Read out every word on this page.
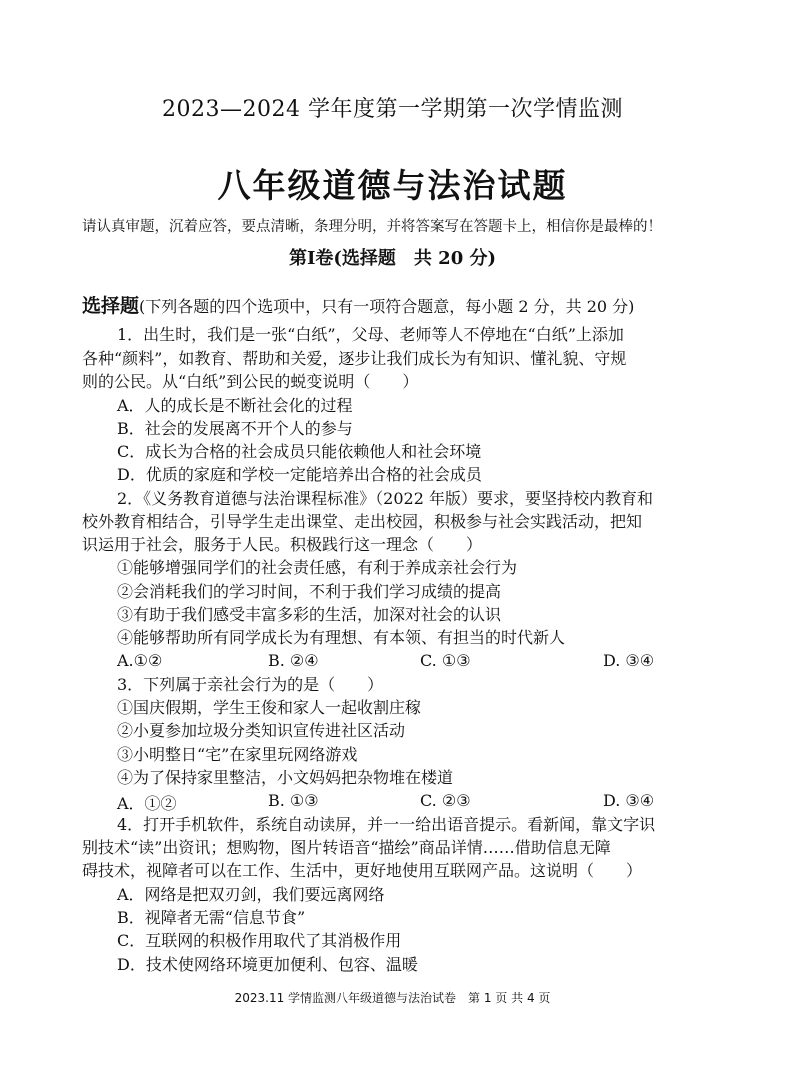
2023—2024 学年度第一学期第一次学情监测
八年级道德与法治试题
请认真审题，沉着应答，要点清晰，条理分明，并将答案写在答题卡上，相信你是最棒的！
第Ⅰ卷(选择题　共 20 分)
选择题(下列各题的四个选项中，只有一项符合题意，每小题 2 分，共 20 分)
1．出生时，我们是一张“白纸”，父母、老师等人不停地在“白纸”上添加
各种“颜料”，如教育、帮助和关爱，逐步让我们成长为有知识、懂礼貌、守规
则的公民。从“白纸”到公民的蜕变说明（　　）
A．人的成长是不断社会化的过程
B．社会的发展离不开个人的参与
C．成长为合格的社会成员只能依赖他人和社会环境
D．优质的家庭和学校一定能培养出合格的社会成员
2．《义务教育道德与法治课程标准》（2022 年版）要求，要坚持校内教育和
校外教育相结合，引导学生走出课堂、走出校园，积极参与社会实践活动，把知
识运用于社会，服务于人民。积极践行这一理念（　　）
①能够增强同学们的社会责任感，有利于养成亲社会行为
②会消耗我们的学习时间，不利于我们学习成绩的提高
③有助于我们感受丰富多彩的生活，加深对社会的认识
④能够帮助所有同学成长为有理想、有本领、有担当的时代新人
A.①②	B. ②④	C. ①③	D. ③④
3．下列属于亲社会行为的是（　　）
①国庆假期，学生王俊和家人一起收割庄稼
②小夏参加垃圾分类知识宣传进社区活动
③小明整日“宅”在家里玩网络游戏
④为了保持家里整洁，小文妈妈把杂物堆在楼道
A．①②	B. ①③	C. ②③	D. ③④
4．打开手机软件，系统自动读屏，并一一给出语音提示。看新闻，靠文字识
别技术“读”出资讯；想购物，图片转语音“描绘”商品详情……借助信息无障
碍技术，视障者可以在工作、生活中，更好地使用互联网产品。这说明（　　）
A．网络是把双刃剑，我们要远离网络
B．视障者无需“信息节食”
C．互联网的积极作用取代了其消极作用
D．技术使网络环境更加便利、包容、温暖
2023.11 学情监测八年级道德与法治试卷　第 1 页 共 4 页
